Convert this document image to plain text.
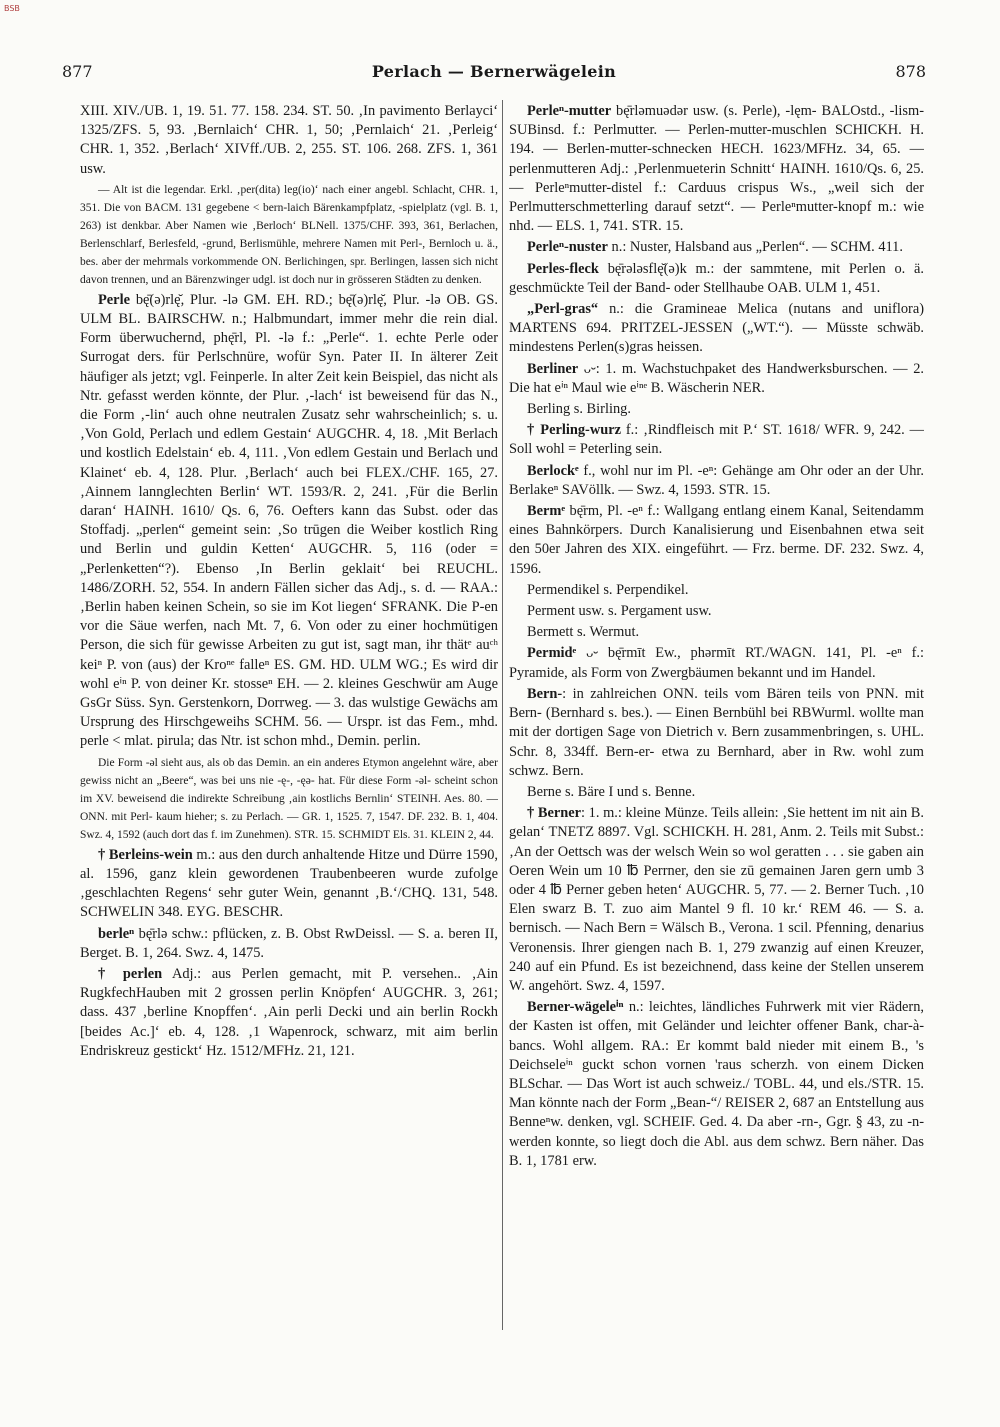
BSB
877	Perlach — Bernerwägelein	878

XIII. XIV./UB. 1, 19. 51. 77. 158. 234. ST. 50. ‚In pavimento Berlayci‘ 1325/ZFS. 5, 93. ‚Bernlaich‘ CHR. 1, 50; ‚Pernlaich‘ 21. ‚Perleig‘ CHR. 1, 352. ‚Berlach‘ XIVff./UB. 2, 255. ST. 106. 268. ZFS. 1, 361 usw.

— Alt ist die legendar. Erkl. ‚per(dita) leg(io)‘ nach einer angebl. Schlacht, CHR. 1, 351. Die von BACM. 131 gegebene < bern-laich Bärenkampfplatz, -spielplatz (vgl. B. 1, 263) ist denkbar. Aber Namen wie ‚Berloch‘ BLNell. 1375/CHF. 393, 361, Berlachen, Berlenschlarf, Berlesfeld, -grund, Berlismühle, mehrere Namen mit Perl-, Bernloch u. ä., bes. aber der mehrmals vorkommende ON. Berlichingen, spr. Berlingen, lassen sich nicht davon trennen, und an Bärenzwinger udgl. ist doch nur in grösseren Städten zu denken.

Perle bę̄(ə)rlę̆, Plur. -lə GM. EH. RD.; bę̄(ə)rlę̆, Plur. -lə OB. GS. ULM BL. BAIRSCHW. n.; Halbmundart, immer mehr die rein dial. Form überwuchernd, phę̄rl, Pl. -lə f.: „Perle“. 1. echte Perle oder Surrogat ders. für Perlschnüre, wofür Syn. Pater II. In älterer Zeit häufiger als jetzt; vgl. Feinperle. In alter Zeit kein Beispiel, das nicht als Ntr. gefasst werden könnte, der Plur. ‚-lach‘ ist beweisend für das N., die Form ‚-lin‘ auch ohne neutralen Zusatz sehr wahrscheinlich; s. u. ‚Von Gold, Perlach und edlem Gestain‘ AUGCHR. 4, 18. ‚Mit Berlach und kostlich Edelstain‘ eb. 4, 111. ‚Von edlem Gestain und Berlach und Klainet‘ eb. 4, 128. Plur. ‚Berlach‘ auch bei FLEX./CHF. 165, 27. ‚Ainnem lannglechten Berlin‘ WT. 1593/R. 2, 241. ‚Für die Berlin daran‘ HAINH. 1610/ Qs. 6, 76. Oefters kann das Subst. oder das Stoffadj. „perlen“ gemeint sein: ‚So trūgen die Weiber kostlich Ring und Berlin und guldin Ketten‘ AUGCHR. 5, 116 (oder = „Perlenketten“?). Ebenso ‚In Berlin geklait‘ bei REUCHL. 1486/ZORH. 52, 554. In andern Fällen sicher das Adj., s. d. — RAA.: ‚Berlin haben keinen Schein, so sie im Kot liegen‘ SFRANK. Die P-en vor die Säue werfen, nach Mt. 7, 6. Von oder zu einer hochmütigen Person, die sich für gewisse Arbeiten zu gut ist, sagt man, ihr thätᵉ auᶜʰ keiⁿ P. von (aus) der Kroⁿᵉ falleⁿ ES. GM. HD. ULM WG.; Es wird dir wohl eⁱⁿ P. von deiner Kr. stosseⁿ EH. — 2. kleines Geschwür am Auge GsGr Süss. Syn. Gerstenkorn, Dorrweg. — 3. das wulstige Gewächs am Ursprung des Hirschgeweihs SCHM. 56. — Urspr. ist das Fem., mhd. perle < mlat. pirula; das Ntr. ist schon mhd., Demin. perlin.

Die Form -əl sieht aus, als ob das Demin. an ein anderes Etymon angelehnt wäre, aber gewiss nicht an „Beere“, was bei uns nie -ę-, -ęə- hat. Für diese Form -əl- scheint schon im XV. beweisend die indirekte Schreibung ‚ain kostlichs Bernlin‘ STEINH. Aes. 80. — ONN. mit Perl- kaum hieher; s. zu Perlach. — GR. 1, 1525. 7, 1547. DF. 232. B. 1, 404. Swz. 4, 1592 (auch dort das f. im Zunehmen). STR. 15. SCHMIDT Els. 31. KLEIN 2, 44.

† Berleins-wein m.: aus den durch anhaltende Hitze und Dürre 1590, al. 1596, ganz klein gewordenen Traubenbeeren wurde zufolge ‚geschlachten Regens‘ sehr guter Wein, genannt ‚B.‘/CHQ. 131, 548. SCHWELIN 348. EYG. BESCHR.

berleⁿ bę̄rlə schw.: pflücken, z. B. Obst RwDeissl. — S. a. beren II, Berget. B. 1, 264. Swz. 4, 1475.

† perlen Adj.: aus Perlen gemacht, mit P. versehen.. ‚Ain RugkfechHauben mit 2 grossen perlin Knöpfen‘ AUGCHR. 3, 261; dass. 437 ‚berline Knopffen‘. ‚Ain perli Decki und ain berlin Rockh [beides Ac.]‘ eb. 4, 128. ‚1 Wapenrock, schwarz, mit aim berlin Endriskreuz gestickt‘ Hz. 1512/MFHz. 21, 121.

Perleⁿ-mutter bę̄rləmuədər usw. (s. Perle), -lęm- BALOstd., -lism- SUBinsd. f.: Perlmutter. — Perlen-mutter-muschlen SCHICKH. H. 194. — Berlen-mutter-schnecken HECH. 1623/MFHz. 34, 65. — perlenmutteren Adj.: ‚Perlenmueterin Schnitt‘ HAINH. 1610/Qs. 6, 25. — Perleⁿmutter-distel f.: Carduus crispus Ws., „weil sich der Perlmutterschmetterling darauf setzt“. — Perleⁿmutter-knopf m.: wie nhd. — ELS. 1, 741. STR. 15.

Perleⁿ-nuster n.: Nuster, Halsband aus „Perlen“. — SCHM. 411.

Perles-fleck bę̄rələsflę̆(ə)k m.: der sammtene, mit Perlen o. ä. geschmückte Teil der Band- oder Stellhaube OAB. ULM 1, 451.

„Perl-gras“ n.: die Gramineae Melica (nutans and uniflora) MARTENS 694. PRITZEL-JESSEN („WT.“). — Müsste schwäb. mindestens Perlen(s)gras heissen.

Berliner ᴗ⏑: 1. m. Wachstuchpaket des Handwerksburschen. — 2. Die hat eⁱⁿ Maul wie eⁱⁿᵉ B. Wäscherin NER.

Berling s. Birling.

† Perling-wurz f.: ‚Rindfleisch mit P.‘ ST. 1618/ WFR. 9, 242. — Soll wohl = Peterling sein.

Berlockᵉ f., wohl nur im Pl. -eⁿ: Gehänge am Ohr oder an der Uhr. Berlakeⁿ SAVöllk. — Swz. 4, 1593. STR. 15.

Bermᵉ bę̄rm, Pl. -eⁿ f.: Wallgang entlang einem Kanal, Seitendamm eines Bahnkörpers. Durch Kanalisierung und Eisenbahnen etwa seit den 50er Jahren des XIX. eingeführt. — Frz. berme. DF. 232. Swz. 4, 1596.

Permendikel s. Perpendikel.

Perment usw. s. Pergament usw.

Bermett s. Wermut.

Permidᵉ ᴗ⏑ bę̄rmīt Ew., phərmīt RT./WAGN. 141, Pl. -eⁿ f.: Pyramide, als Form von Zwergbäumen bekannt und im Handel.

Bern-: in zahlreichen ONN. teils vom Bären teils von PNN. mit Bern- (Bernhard s. bes.). — Einen Bernbühl bei RBWurml. wollte man mit der dortigen Sage von Dietrich v. Bern zusammenbringen, s. UHL. Schr. 8, 334ff. Bern-er- etwa zu Bernhard, aber in Rw. wohl zum schwz. Bern.

Berne s. Bäre I und s. Benne.

† Berner: 1. m.: kleine Münze. Teils allein: ‚Sie hettent im nit ain B. gelan‘ TNETZ 8897. Vgl. SCHICKH. H. 281, Anm. 2. Teils mit Subst.: ‚An der Oettsch was der welsch Wein so wol geratten . . . sie gaben ain Oeren Wein um 10 ℔ Perrner, den sie zū gemainen Jaren gern umb 3 oder 4 ℔ Perner geben heten‘ AUGCHR. 5, 77. — 2. Berner Tuch. ‚10 Elen swarz B. T. zuo aim Mantel 9 fl. 10 kr.‘ REM 46. — S. a. bernisch. — Nach Bern = Wälsch B., Verona. 1 scil. Pfenning, denarius Veronensis. Ihrer giengen nach B. 1, 279 zwanzig auf einen Kreuzer, 240 auf ein Pfund. Es ist bezeichnend, dass keine der Stellen unserem W. angehört. Swz. 4, 1597.

Berner-wägeleⁱⁿ n.: leichtes, ländliches Fuhrwerk mit vier Rädern, der Kasten ist offen, mit Geländer und leichter offener Bank, char-à-bancs. Wohl allgem. RA.: Er kommt bald nieder mit einem B., 's Deichseleⁱⁿ guckt schon vornen 'raus scherzh. von einem Dicken BLSchar. — Das Wort ist auch schweiz./ TOBL. 44, und els./STR. 15. Man könnte nach der Form „Bean-“/ REISER 2, 687 an Entstellung aus Benneⁿw. denken, vgl. SCHEIF. Ged. 4. Da aber -rn-, Ggr. § 43, zu -n- werden konnte, so liegt doch die Abl. aus dem schwz. Bern näher. Das B. 1, 1781 erw.
